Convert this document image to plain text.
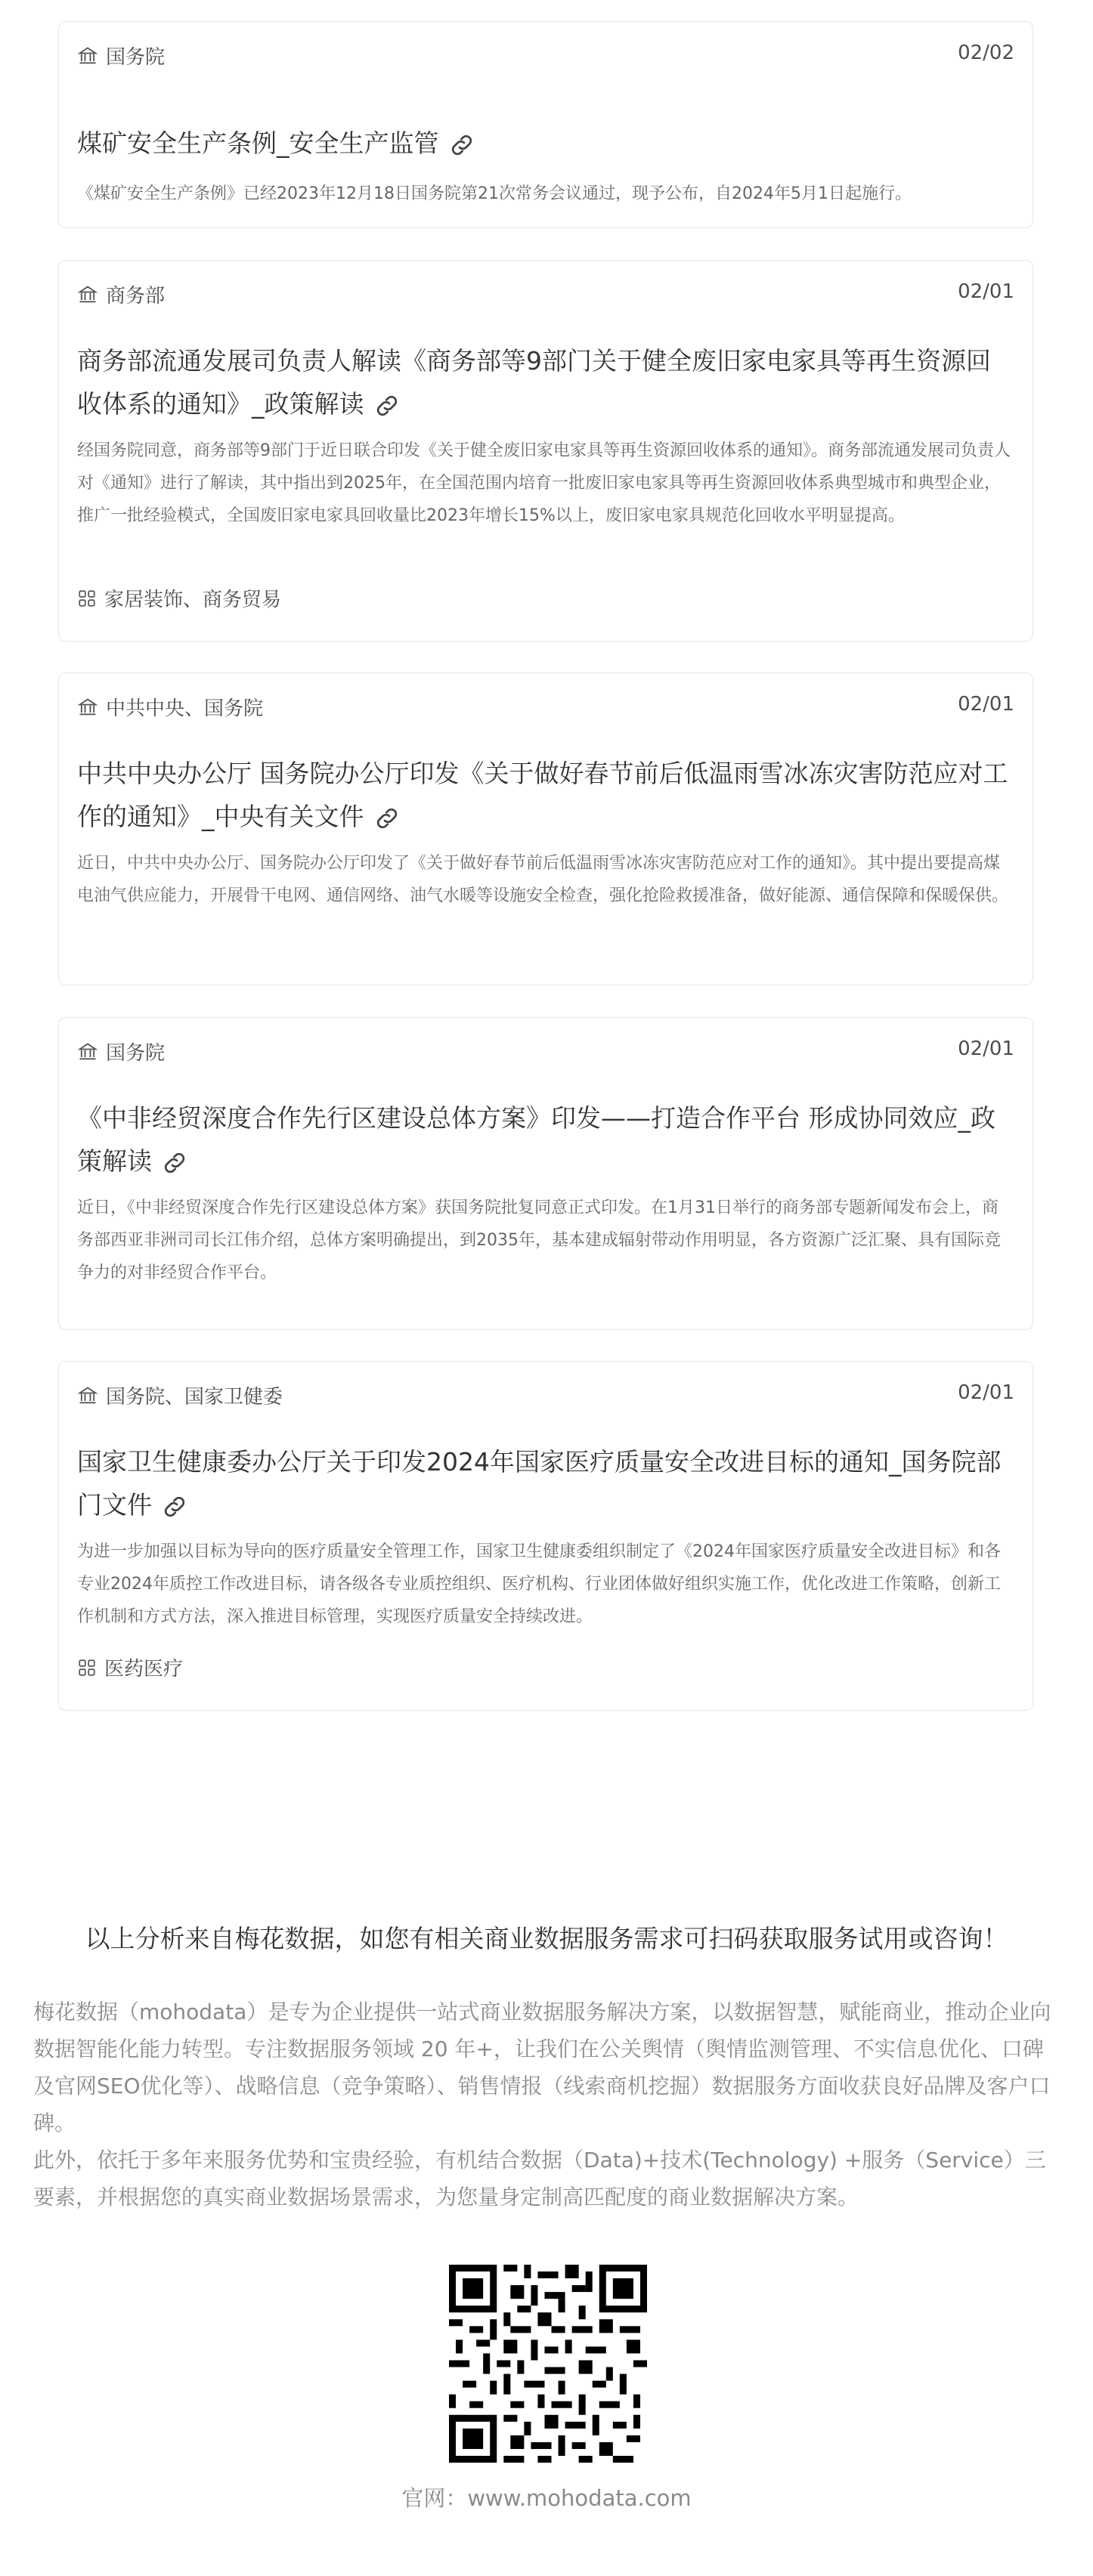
国务院	02/02
煤矿安全生产条例_安全生产监管
《煤矿安全生产条例》已经2023年12月18日国务院第21次常务会议通过，现予公布，自2024年5月1日起施行。
商务部	02/01
商务部流通发展司负责人解读《商务部等9部门关于健全废旧家电家具等再生资源回收体系的通知》_政策解读
经国务院同意，商务部等9部门于近日联合印发《关于健全废旧家电家具等再生资源回收体系的通知》。商务部流通发展司负责人对《通知》进行了解读，其中指出到2025年，在全国范围内培育一批废旧家电家具等再生资源回收体系典型城市和典型企业，推广一批经验模式，全国废旧家电家具回收量比2023年增长15%以上，废旧家电家具规范化回收水平明显提高。
家居装饰、商务贸易
中共中央、国务院	02/01
中共中央办公厅 国务院办公厅印发《关于做好春节前后低温雨雪冰冻灾害防范应对工作的通知》_中央有关文件
近日，中共中央办公厅、国务院办公厅印发了《关于做好春节前后低温雨雪冰冻灾害防范应对工作的通知》。其中提出要提高煤电油气供应能力，开展骨干电网、通信网络、油气水暖等设施安全检查，强化抢险救援准备，做好能源、通信保障和保暖保供。
国务院	02/01
《中非经贸深度合作先行区建设总体方案》印发——打造合作平台 形成协同效应_政策解读
近日，《中非经贸深度合作先行区建设总体方案》获国务院批复同意正式印发。在1月31日举行的商务部专题新闻发布会上，商务部西亚非洲司司长江伟介绍，总体方案明确提出，到2035年，基本建成辐射带动作用明显，各方资源广泛汇聚、具有国际竞争力的对非经贸合作平台。
国务院、国家卫健委	02/01
国家卫生健康委办公厅关于印发2024年国家医疗质量安全改进目标的通知_国务院部门文件
为进一步加强以目标为导向的医疗质量安全管理工作，国家卫生健康委组织制定了《2024年国家医疗质量安全改进目标》和各专业2024年质控工作改进目标，请各级各专业质控组织、医疗机构、行业团体做好组织实施工作，优化改进工作策略，创新工作机制和方式方法，深入推进目标管理，实现医疗质量安全持续改进。
医药医疗
以上分析来自梅花数据，如您有相关商业数据服务需求可扫码获取服务试用或咨询！
梅花数据（mohodata）是专为企业提供一站式商业数据服务解决方案，以数据智慧，赋能商业，推动企业向数据智能化能力转型。专注数据服务领域 20 年+，让我们在公关舆情（舆情监测管理、不实信息优化、口碑及官网SEO优化等）、战略信息（竞争策略）、销售情报（线索商机挖掘）数据服务方面收获良好品牌及客户口碑。
此外，依托于多年来服务优势和宝贵经验，有机结合数据（Data)+技术(Technology) +服务（Service）三要素，并根据您的真实商业数据场景需求，为您量身定制高匹配度的商业数据解决方案。
官网：www.mohodata.com
